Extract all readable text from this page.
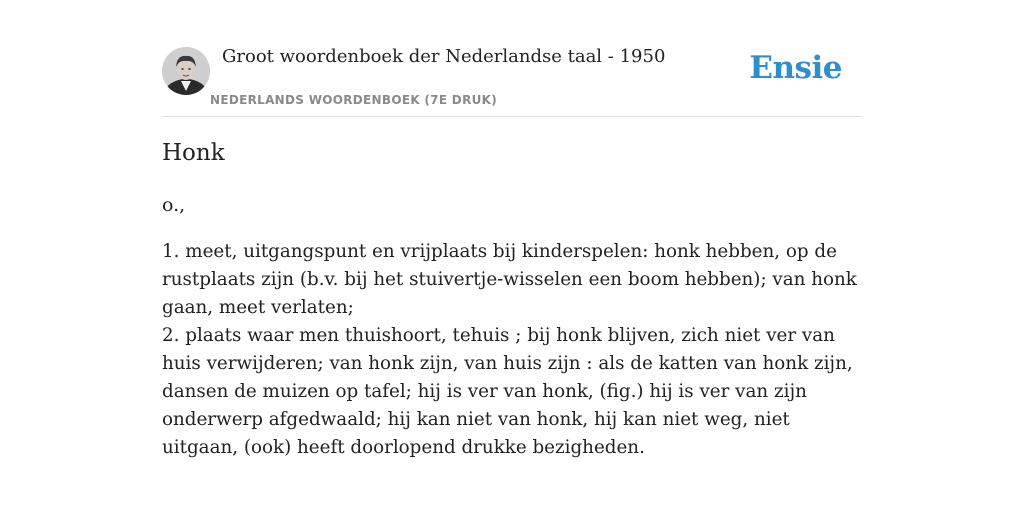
Groot woordenboek der Nederlandse taal - 1950
NEDERLANDS WOORDENBOEK (7E DRUK)
Ensie
Honk
o.,

1. meet, uitgangspunt en vrijplaats bij kinderspelen: honk hebben, op de rustplaats zijn (b.v. bij het stuivertje-wisselen een boom hebben); van honk gaan, meet verlaten;

2. plaats waar men thuishoort, tehuis ; bij honk blijven, zich niet ver van huis verwijderen; van honk zijn, van huis zijn : als de katten van honk zijn, dansen de muizen op tafel; hij is ver van honk, (fig.) hij is ver van zijn onderwerp afgedwaald; hij kan niet van honk, hij kan niet weg, niet uitgaan, (ook) heeft doorlopend drukke bezigheden.
